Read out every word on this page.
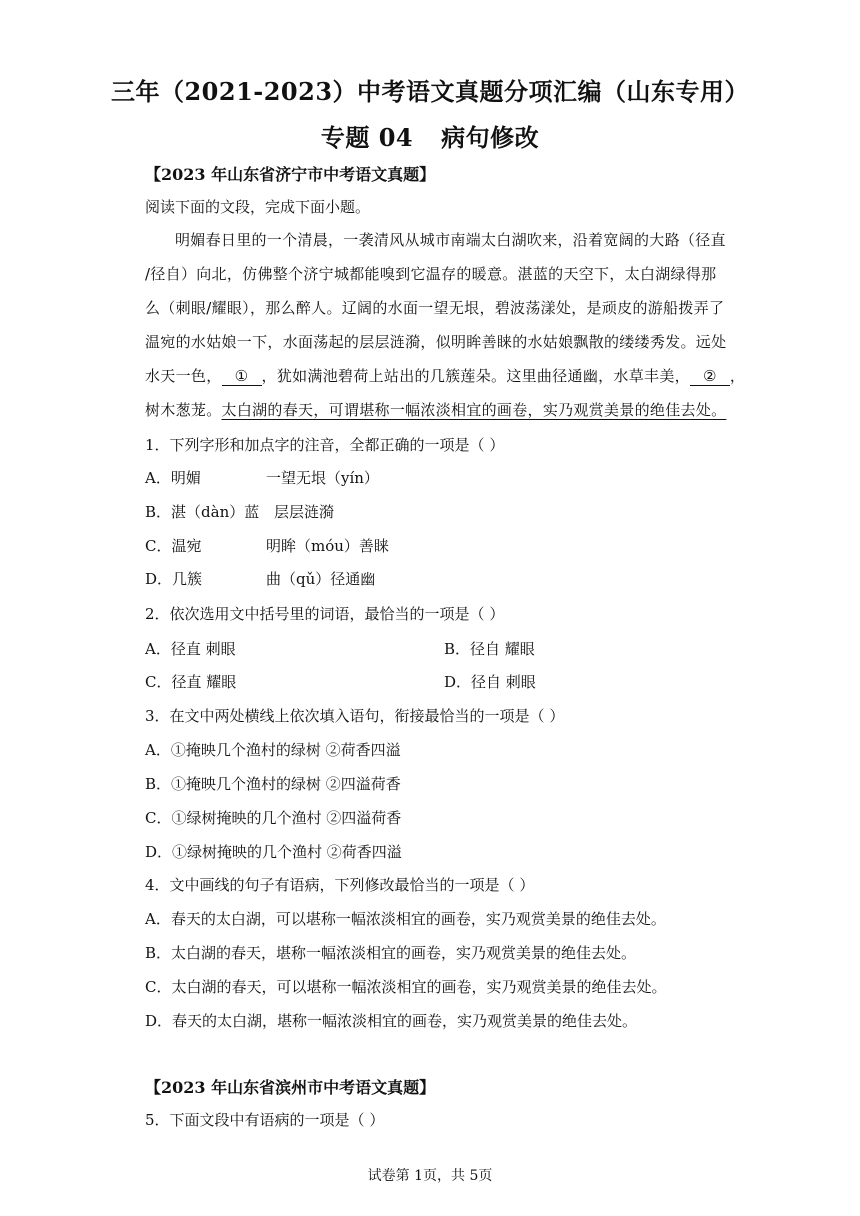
三年（2021-2023）中考语文真题分项汇编（山东专用）
专题 04 病句修改
【2023 年山东省济宁市中考语文真题】
阅读下面的文段，完成下面小题。
明媚春日里的一个清晨，一袭清风从城市南端太白湖吹来，沿着宽阔的大路（径直
/径自）向北，仿佛整个济宁城都能嗅到它温存的暖意。湛蓝的天空下，太白湖绿得那
么（刺眼/耀眼），那么醉人。辽阔的水面一望无垠，碧波荡漾处，是顽皮的游船拨弄了
温宛的水姑娘一下，水面荡起的层层涟漪，似明眸善睐的水姑娘飘散的缕缕秀发。远处
水天一色， ① ，犹如满池碧荷上站出的几簇莲朵。这里曲径通幽，水草丰美， ② ，
树木葱茏。太白湖的春天，可谓堪称一幅浓淡相宜的画卷，实乃观赏美景的绝佳去处。
1．下列字形和加点字的注音，全都正确的一项是（ ）
A．明媚	一望无垠（yín）
B．湛（dàn）蓝 层层涟漪
C．温宛	明眸（móu）善睐
D．几簇	曲（qǔ）径通幽
2．依次选用文中括号里的词语，最恰当的一项是（ ）
A．径直 刺眼	B．径自 耀眼
C．径直 耀眼	D．径自 刺眼
3．在文中两处横线上依次填入语句，衔接最恰当的一项是（ ）
A．①掩映几个渔村的绿树 ②荷香四溢
B．①掩映几个渔村的绿树 ②四溢荷香
C．①绿树掩映的几个渔村 ②四溢荷香
D．①绿树掩映的几个渔村 ②荷香四溢
4．文中画线的句子有语病，下列修改最恰当的一项是（ ）
A．春天的太白湖，可以堪称一幅浓淡相宜的画卷，实乃观赏美景的绝佳去处。
B．太白湖的春天，堪称一幅浓淡相宜的画卷，实乃观赏美景的绝佳去处。
C．太白湖的春天，可以堪称一幅浓淡相宜的画卷，实乃观赏美景的绝佳去处。
D．春天的太白湖，堪称一幅浓淡相宜的画卷，实乃观赏美景的绝佳去处。
【2023 年山东省滨州市中考语文真题】
5．下面文段中有语病的一项是（ ）
试卷第 1页，共 5页
